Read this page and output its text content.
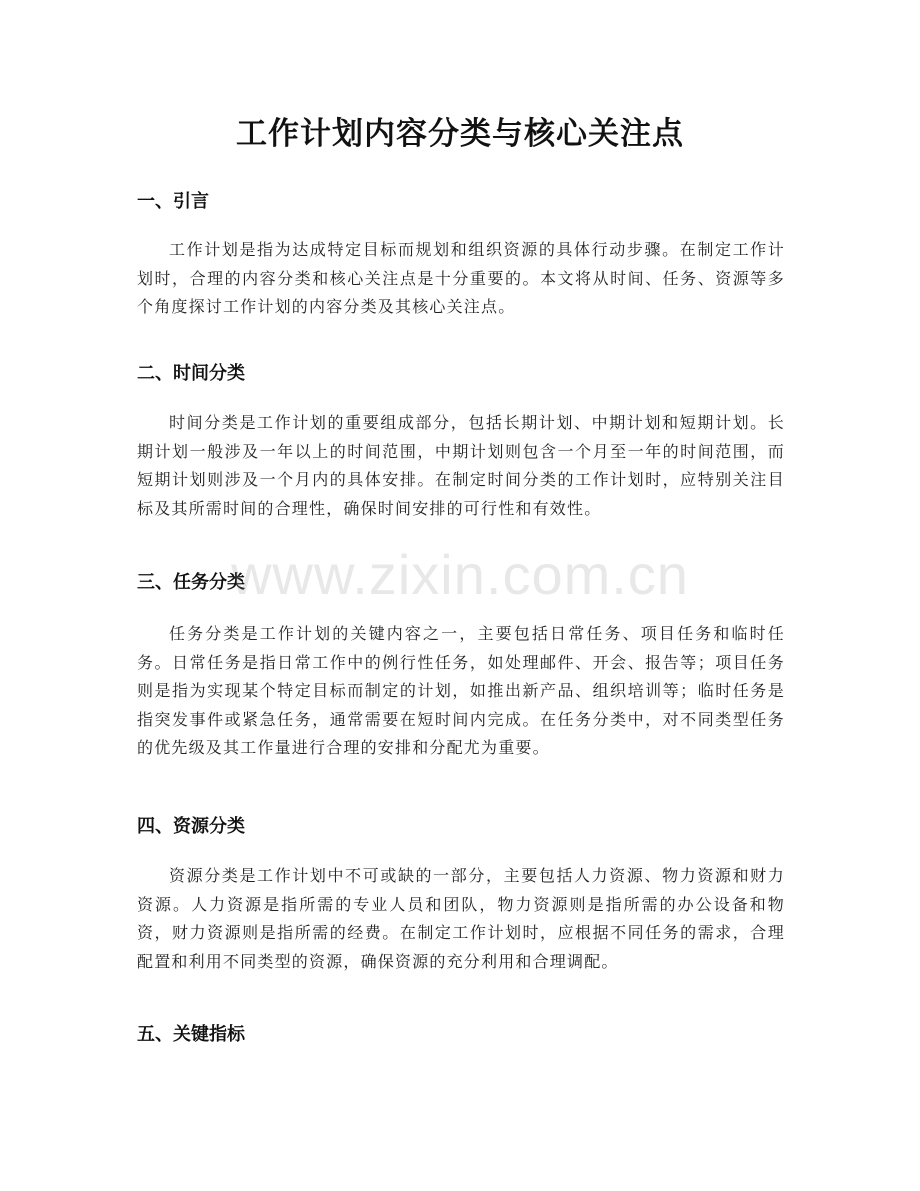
工作计划内容分类与核心关注点
一、引言

工作计划是指为达成特定目标而规划和组织资源的具体行动步骤。在制定工作计划时，合理的内容分类和核心关注点是十分重要的。本文将从时间、任务、资源等多个角度探讨工作计划的内容分类及其核心关注点。

二、时间分类

时间分类是工作计划的重要组成部分，包括长期计划、中期计划和短期计划。长期计划一般涉及一年以上的时间范围，中期计划则包含一个月至一年的时间范围，而短期计划则涉及一个月内的具体安排。在制定时间分类的工作计划时，应特别关注目标及其所需时间的合理性，确保时间安排的可行性和有效性。

三、任务分类

任务分类是工作计划的关键内容之一，主要包括日常任务、项目任务和临时任务。日常任务是指日常工作中的例行性任务，如处理邮件、开会、报告等；项目任务则是指为实现某个特定目标而制定的计划，如推出新产品、组织培训等；临时任务是指突发事件或紧急任务，通常需要在短时间内完成。在任务分类中，对不同类型任务的优先级及其工作量进行合理的安排和分配尤为重要。

四、资源分类

资源分类是工作计划中不可或缺的一部分，主要包括人力资源、物力资源和财力资源。人力资源是指所需的专业人员和团队，物力资源则是指所需的办公设备和物资，财力资源则是指所需的经费。在制定工作计划时，应根据不同任务的需求，合理配置和利用不同类型的资源，确保资源的充分利用和合理调配。

五、关键指标
www.zixin.com.cn
